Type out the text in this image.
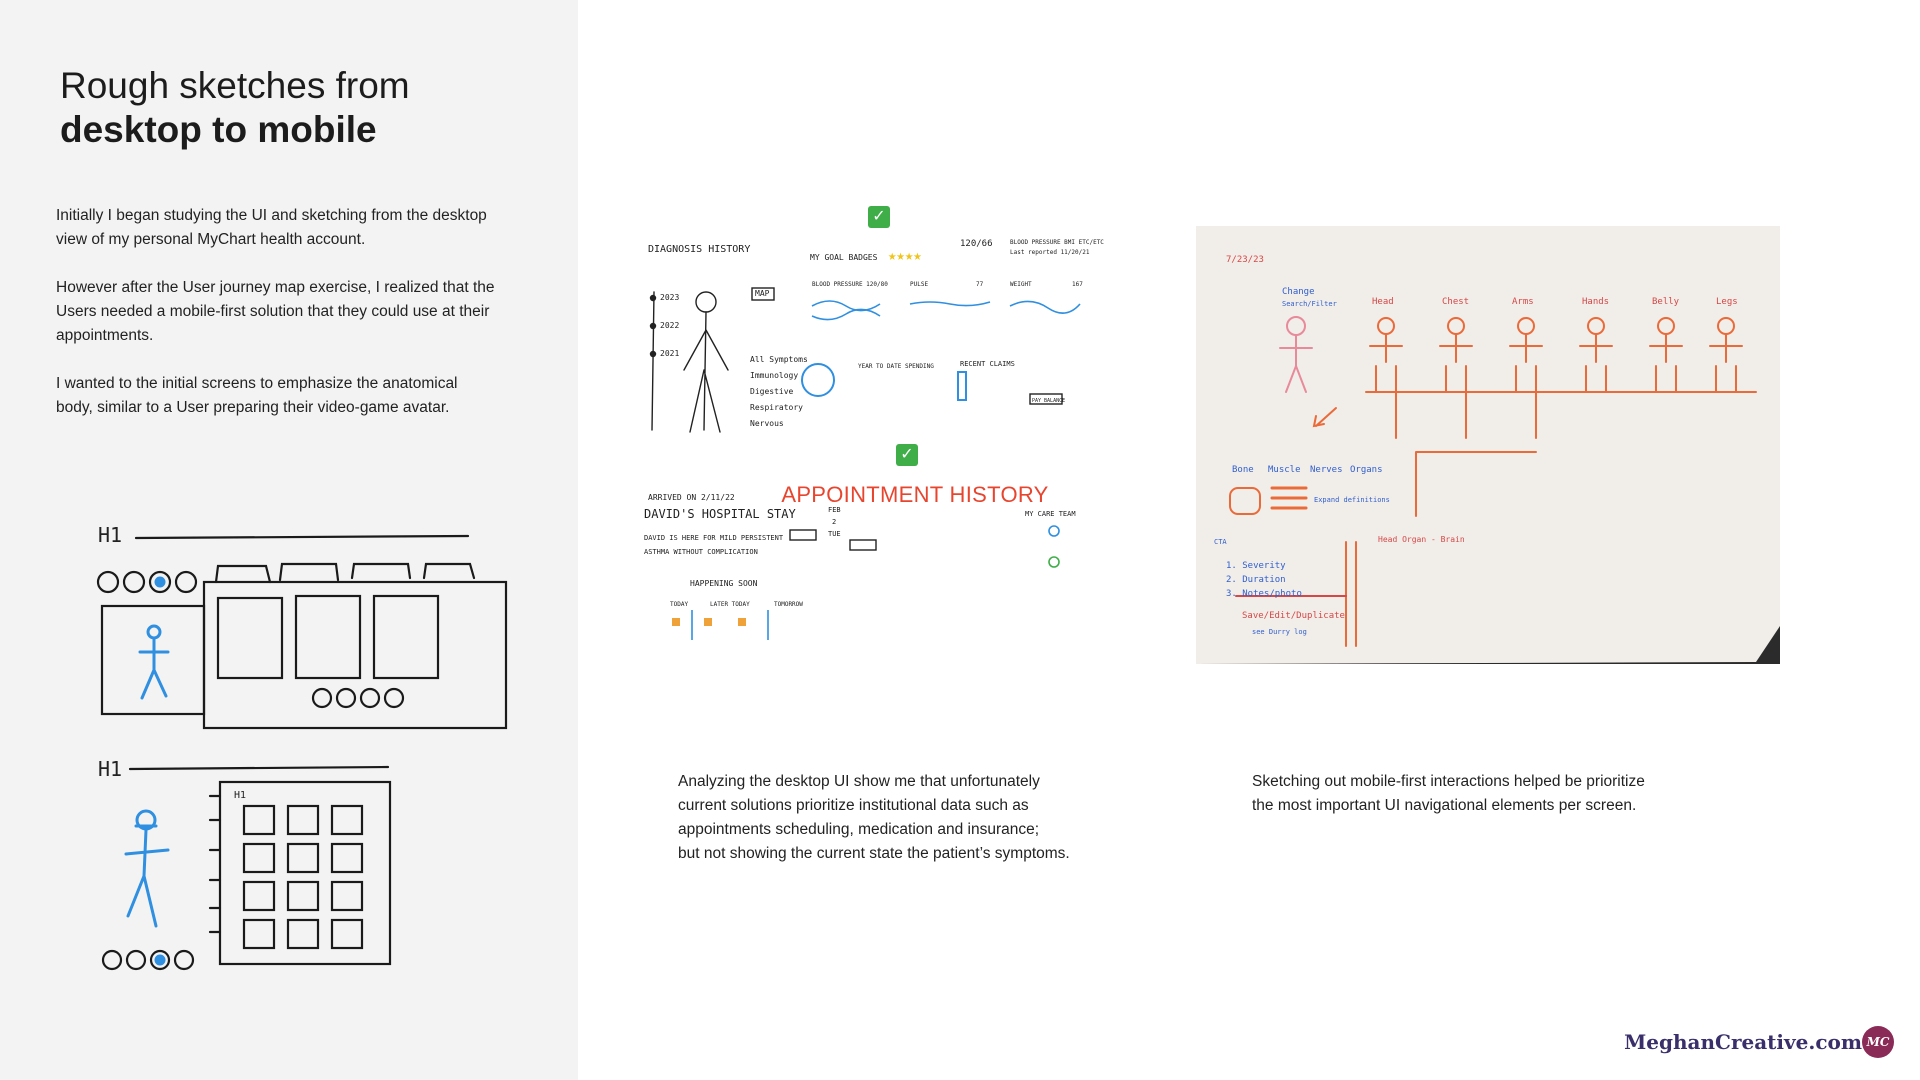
Rough sketches from
desktop to mobile

Initially I began studying the UI and sketching from the desktop view of my personal MyChart health account.

However after the User journey map exercise, I realized that the Users needed a mobile-first solution that they could use at their appointments.

I wanted to the initial screens to emphasize the anatomical body, similar to a User preparing their video-game avatar.

H1
H1
H1
DIAGNOSIS HISTORY
2023
2022
2021
MAP
All Symptoms
Immunology
Digestive
Respiratory
Nervous
MY GOAL BADGES ★★★★
120/66	BLOOD PRESSURE BMI ETC/ETC
Last reported 11/20/21
BLOOD PRESSURE 120/80	PULSE	77	WEIGHT	167
RECENT CLAIMS
PAY BALANCE
YEAR TO DATE SPENDING
ARRIVED ON 2/11/22
DAVID'S HOSPITAL STAY
DAVID IS HERE FOR MILD PERSISTENT
ASTHMA WITHOUT COMPLICATION
HAPPENING SOON
TODAY	LATER TODAY	TOMORROW
MY CARE TEAM
FEB
2
TUE
✓
✓
APPOINTMENT HISTORY
7/23/23
Change
Search/Filter	Head	Chest	Arms	Hands	Belly	Legs
Bone Muscle Nerves Organs
Expand definitions
CTA
1. Severity
2. Duration
3. Notes/photo
Save/Edit/Duplicate
see Durry log
Head Organ - Brain

Analyzing the desktop UI show me that unfortunately

current solutions prioritize institutional data such as

appointments scheduling, medication and insurance;

but not showing the current state the patient’s symptoms.

Sketching out mobile-first interactions helped be prioritize

the most important UI navigational elements per screen.

MeghanCreative.com MC
